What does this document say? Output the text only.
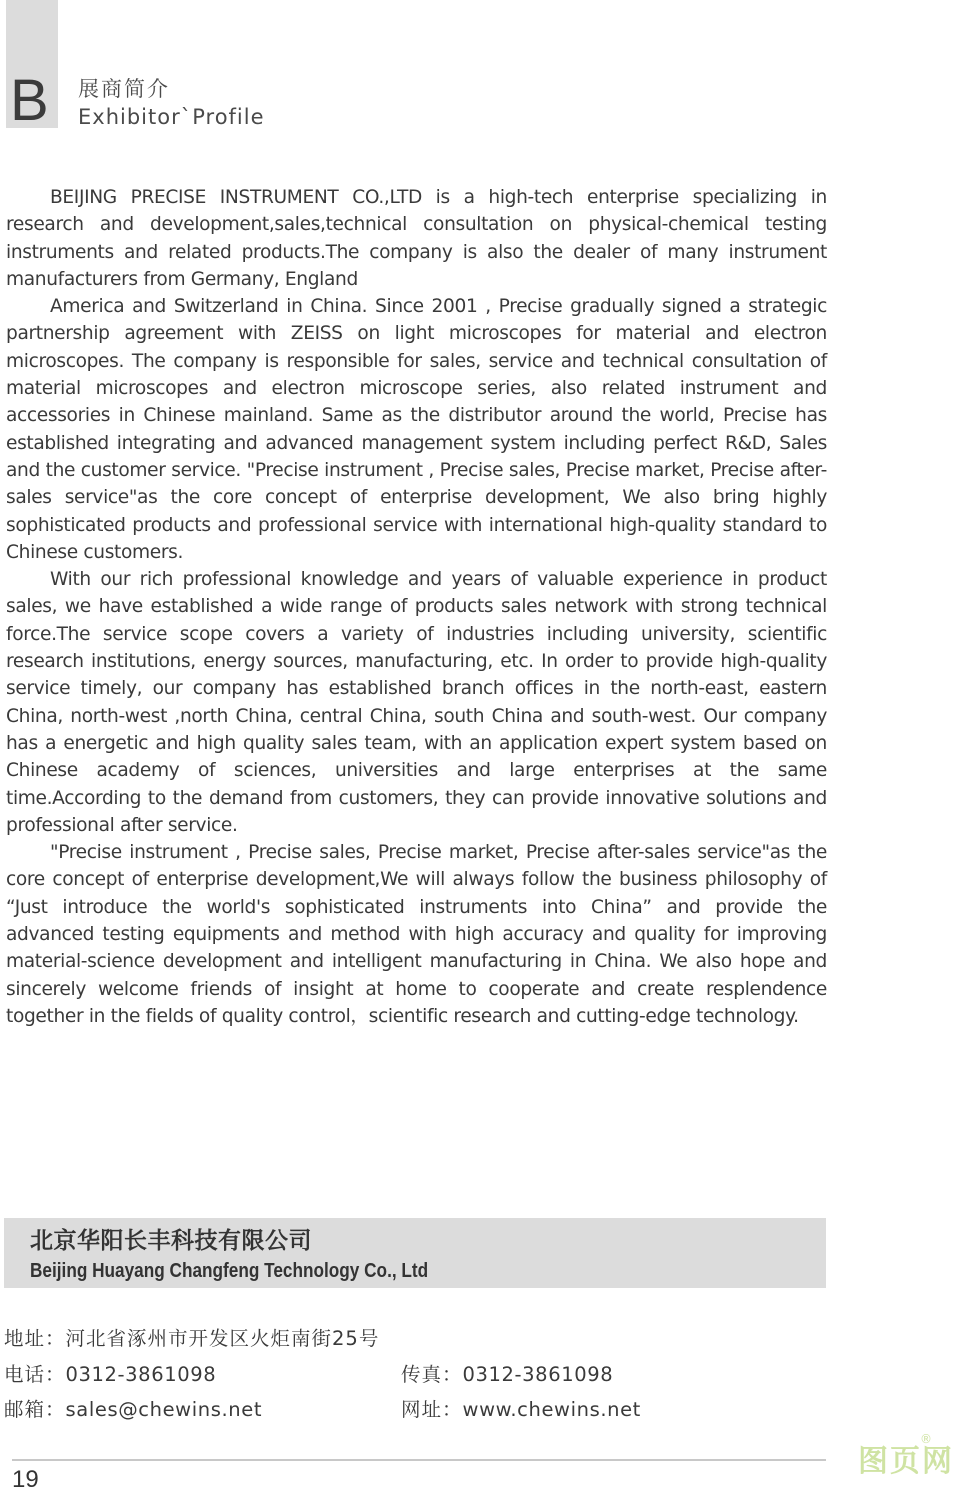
B 展商简介
Exhibitor`Profile

BEIJING PRECISE INSTRUMENT CO.,LTD is a high-tech enterprise specializing in research and development,sales,technical consultation on physical-chemical testing instruments and related products.The company is also the dealer of many instrument manufacturers from Germany, England

America and Switzerland in China. Since 2001 , Precise gradually signed a strategic partnership agreement with ZEISS on light microscopes for material and electron microscopes. The company is responsible for sales, service and technical consultation of material microscopes and electron microscope series, also related instrument and accessories in Chinese mainland. Same as the distributor around the world, Precise has established integrating and advanced management system including perfect R&D, Sales and the customer service. "Precise instrument , Precise sales, Precise market, Precise after-sales service"as the core concept of enterprise development, We also bring highly sophisticated products and professional service with international high-quality standard to Chinese customers.

With our rich professional knowledge and years of valuable experience in product sales, we have established a wide range of products sales network with strong technical force.The service scope covers a variety of industries including university, scientific research institutions, energy sources, manufacturing, etc. In order to provide high-quality service timely, our company has established branch offices in the north-east, eastern China, north-west ,north China, central China, south China and south-west. Our company has a energetic and high quality sales team, with an application expert system based on Chinese academy of sciences, universities and large enterprises at the same time.According to the demand from customers, they can provide innovative solutions and professional after service.

"Precise instrument , Precise sales, Precise market, Precise after-sales service"as the core concept of enterprise development,We will always follow the business philosophy of “Just introduce the world's sophisticated instruments into China” and provide the advanced testing equipments and method with high accuracy and quality for improving material-science development and intelligent manufacturing in China. We also hope and sincerely welcome friends of insight at home to cooperate and create resplendence together in the fields of quality control，scientific research and cutting-edge technology.

北京华阳长丰科技有限公司
Beijing Huayang Changfeng Technology Co., Ltd
地址：河北省涿州市开发区火炬南街25号
电话：0312-3861098	传真：0312-3861098
邮箱：sales@chewins.net	网址：www.chewins.net
19
图页网
®
